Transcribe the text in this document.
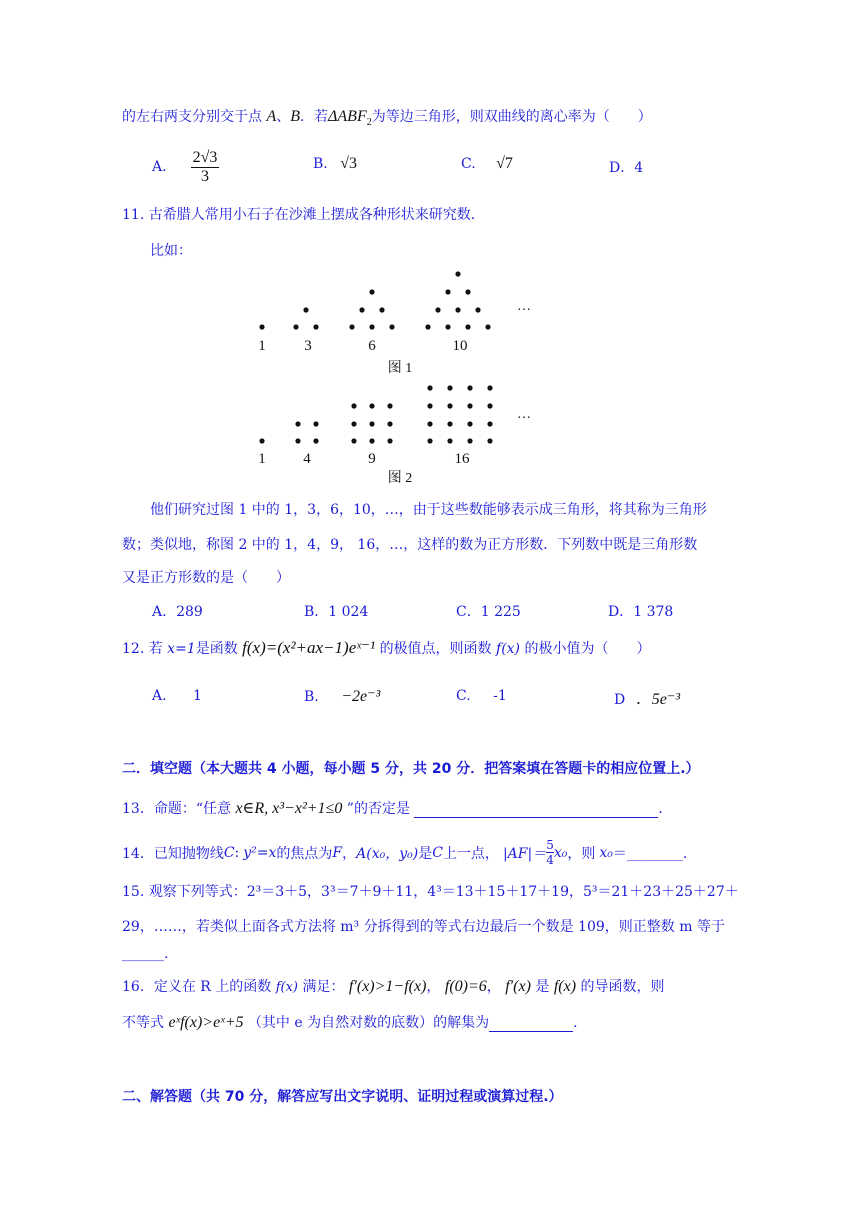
的左右两支分别交于点 A、B．若$\Delta ABF_2$为等边三角形，则双曲线的离心率为（　　）
A. $\frac{2√3}{3}$	B. √3	C. √7	D．4
11. 古希腊人常用小石子在沙滩上摆成各种形状来研究数.
比如：
1	3	6	10
···
图 1
1	4	9	16
···
图 2
他们研究过图 1 中的 1，3，6，10，…，由于这些数能够表示成三角形，将其称为三角形
数；类似地，称图 2 中的 1，4，9， 16，…，这样的数为正方形数．下列数中既是三角形数
又是正方形数的是（　　）
A．289	B．1 024	C．1 225	D．1 378
12. 若 x=1是函数 f(x)=(x²+ax−1)eˣ⁻¹ 的极值点，则函数 f(x) 的极小值为（　　）
A. 1	B. −2e⁻³	C. -1	D ．5e⁻³
二．填空题（本大题共 4 小题，每小题 5 分，共 20 分．把答案填在答题卡的相应位置上.）
13．命题：“任意 x∈R, x³−x²+1≤0 ”的否定是	.
14．已知抛物线 C : y²=x 的焦点为 F ， A(x₀，y₀) 是 C 上一点， $|AF|= \frac{5}{4} x_0$ ，则 x₀ ＝________.
15. 观察下列等式：2³＝3＋5，3³＝7＋9＋11，4³＝13＋15＋17＋19，5³＝21＋23＋25＋27＋
29，……，若类似上面各式方法将 m³ 分拆得到的等式右边最后一个数是 109，则正整数 m 等于
______.
16．定义在 R 上的函数 f(x) 满足： f′(x)>1−f(x)， f(0)=6， f′(x) 是 f(x) 的导函数，则
不等式 eˣf(x)>eˣ+5 （其中 e 为自然对数的底数）的解集为	.
二、解答题（共 70 分，解答应写出文字说明、证明过程或演算过程.）
